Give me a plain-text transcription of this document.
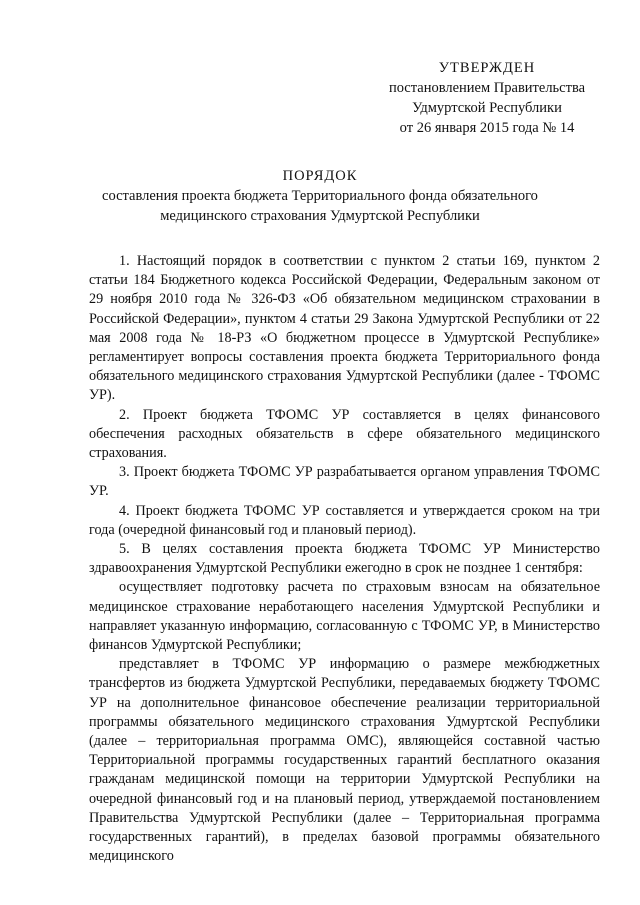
УТВЕРЖДЕН
постановлением Правительства
Удмуртской Республики
от 26 января 2015 года № 14
ПОРЯДОК
составления проекта бюджета Территориального фонда обязательного
медицинского страхования Удмуртской Республики

1. Настоящий порядок в соответствии с пунктом 2 статьи 169, пунктом 2 статьи 184 Бюджетного кодекса Российской Федерации, Федеральным законом от 29 ноября 2010 года № 326-ФЗ «Об обязательном медицинском страховании в Российской Федерации», пунктом 4 статьи 29 Закона Удмуртской Республики от 22 мая 2008 года № 18-РЗ «О бюджетном процессе в Удмуртской Республике» регламентирует вопросы составления проекта бюджета Территориального фонда обязательного медицинского страхования Удмуртской Республики (далее - ТФОМС УР).

2. Проект бюджета ТФОМС УР составляется в целях финансового обеспечения расходных обязательств в сфере обязательного медицинского страхования.

3. Проект бюджета ТФОМС УР разрабатывается органом управления ТФОМС УР.

4. Проект бюджета ТФОМС УР составляется и утверждается сроком на три года (очередной финансовый год и плановый период).

5. В целях составления проекта бюджета ТФОМС УР Министерство здравоохранения Удмуртской Республики ежегодно в срок не позднее 1 сентября:

осуществляет подготовку расчета по страховым взносам на обязательное медицинское страхование неработающего населения Удмуртской Республики и направляет указанную информацию, согласованную с ТФОМС УР, в Министерство финансов Удмуртской Республики;

представляет в ТФОМС УР информацию о размере межбюджетных трансфертов из бюджета Удмуртской Республики, передаваемых бюджету ТФОМС УР на дополнительное финансовое обеспечение реализации территориальной программы обязательного медицинского страхования Удмуртской Республики (далее – территориальная программа ОМС), являющейся составной частью Территориальной программы государственных гарантий бесплатного оказания гражданам медицинской помощи на территории Удмуртской Республики на очередной финансовый год и на плановый период, утверждаемой постановлением Правительства Удмуртской Республики (далее – Территориальная программа государственных гарантий), в пределах базовой программы обязательного медицинского
